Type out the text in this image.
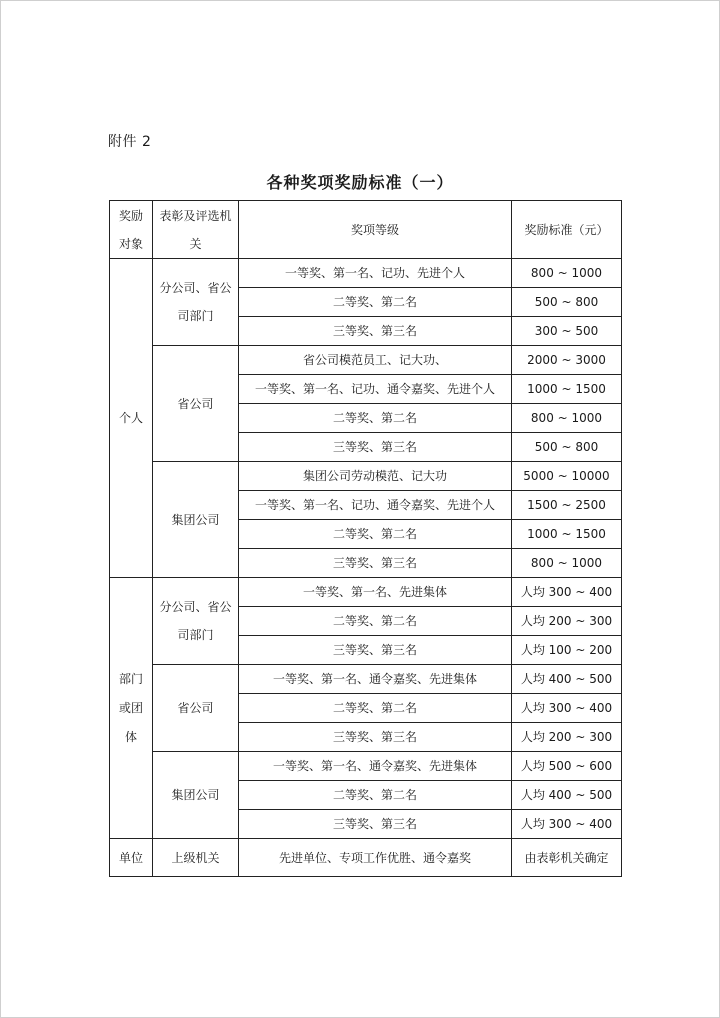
附件 2
各种奖项奖励标准（一）
奖励对象	表彰及评选机关	奖项等级	奖励标准（元）
个人	分公司、省公司部门	一等奖、第一名、记功、先进个人	800 ~ 1000
		二等奖、第二名	500 ~ 800
		三等奖、第三名	300 ~ 500
	省公司	省公司模范员工、记大功、	2000 ~ 3000
		一等奖、第一名、记功、通令嘉奖、先进个人	1000 ~ 1500
		二等奖、第二名	800 ~ 1000
		三等奖、第三名	500 ~ 800
	集团公司	集团公司劳动模范、记大功	5000 ~ 10000
		一等奖、第一名、记功、通令嘉奖、先进个人	1500 ~ 2500
		二等奖、第二名	1000 ~ 1500
		三等奖、第三名	800 ~ 1000
部门或团体	分公司、省公司部门	一等奖、第一名、先进集体	人均 300 ~ 400
		二等奖、第二名	人均 200 ~ 300
		三等奖、第三名	人均 100 ~ 200
	省公司	一等奖、第一名、通令嘉奖、先进集体	人均 400 ~ 500
		二等奖、第二名	人均 300 ~ 400
		三等奖、第三名	人均 200 ~ 300
	集团公司	一等奖、第一名、通令嘉奖、先进集体	人均 500 ~ 600
		二等奖、第二名	人均 400 ~ 500
		三等奖、第三名	人均 300 ~ 400
单位	上级机关	先进单位、专项工作优胜、通令嘉奖	由表彰机关确定
